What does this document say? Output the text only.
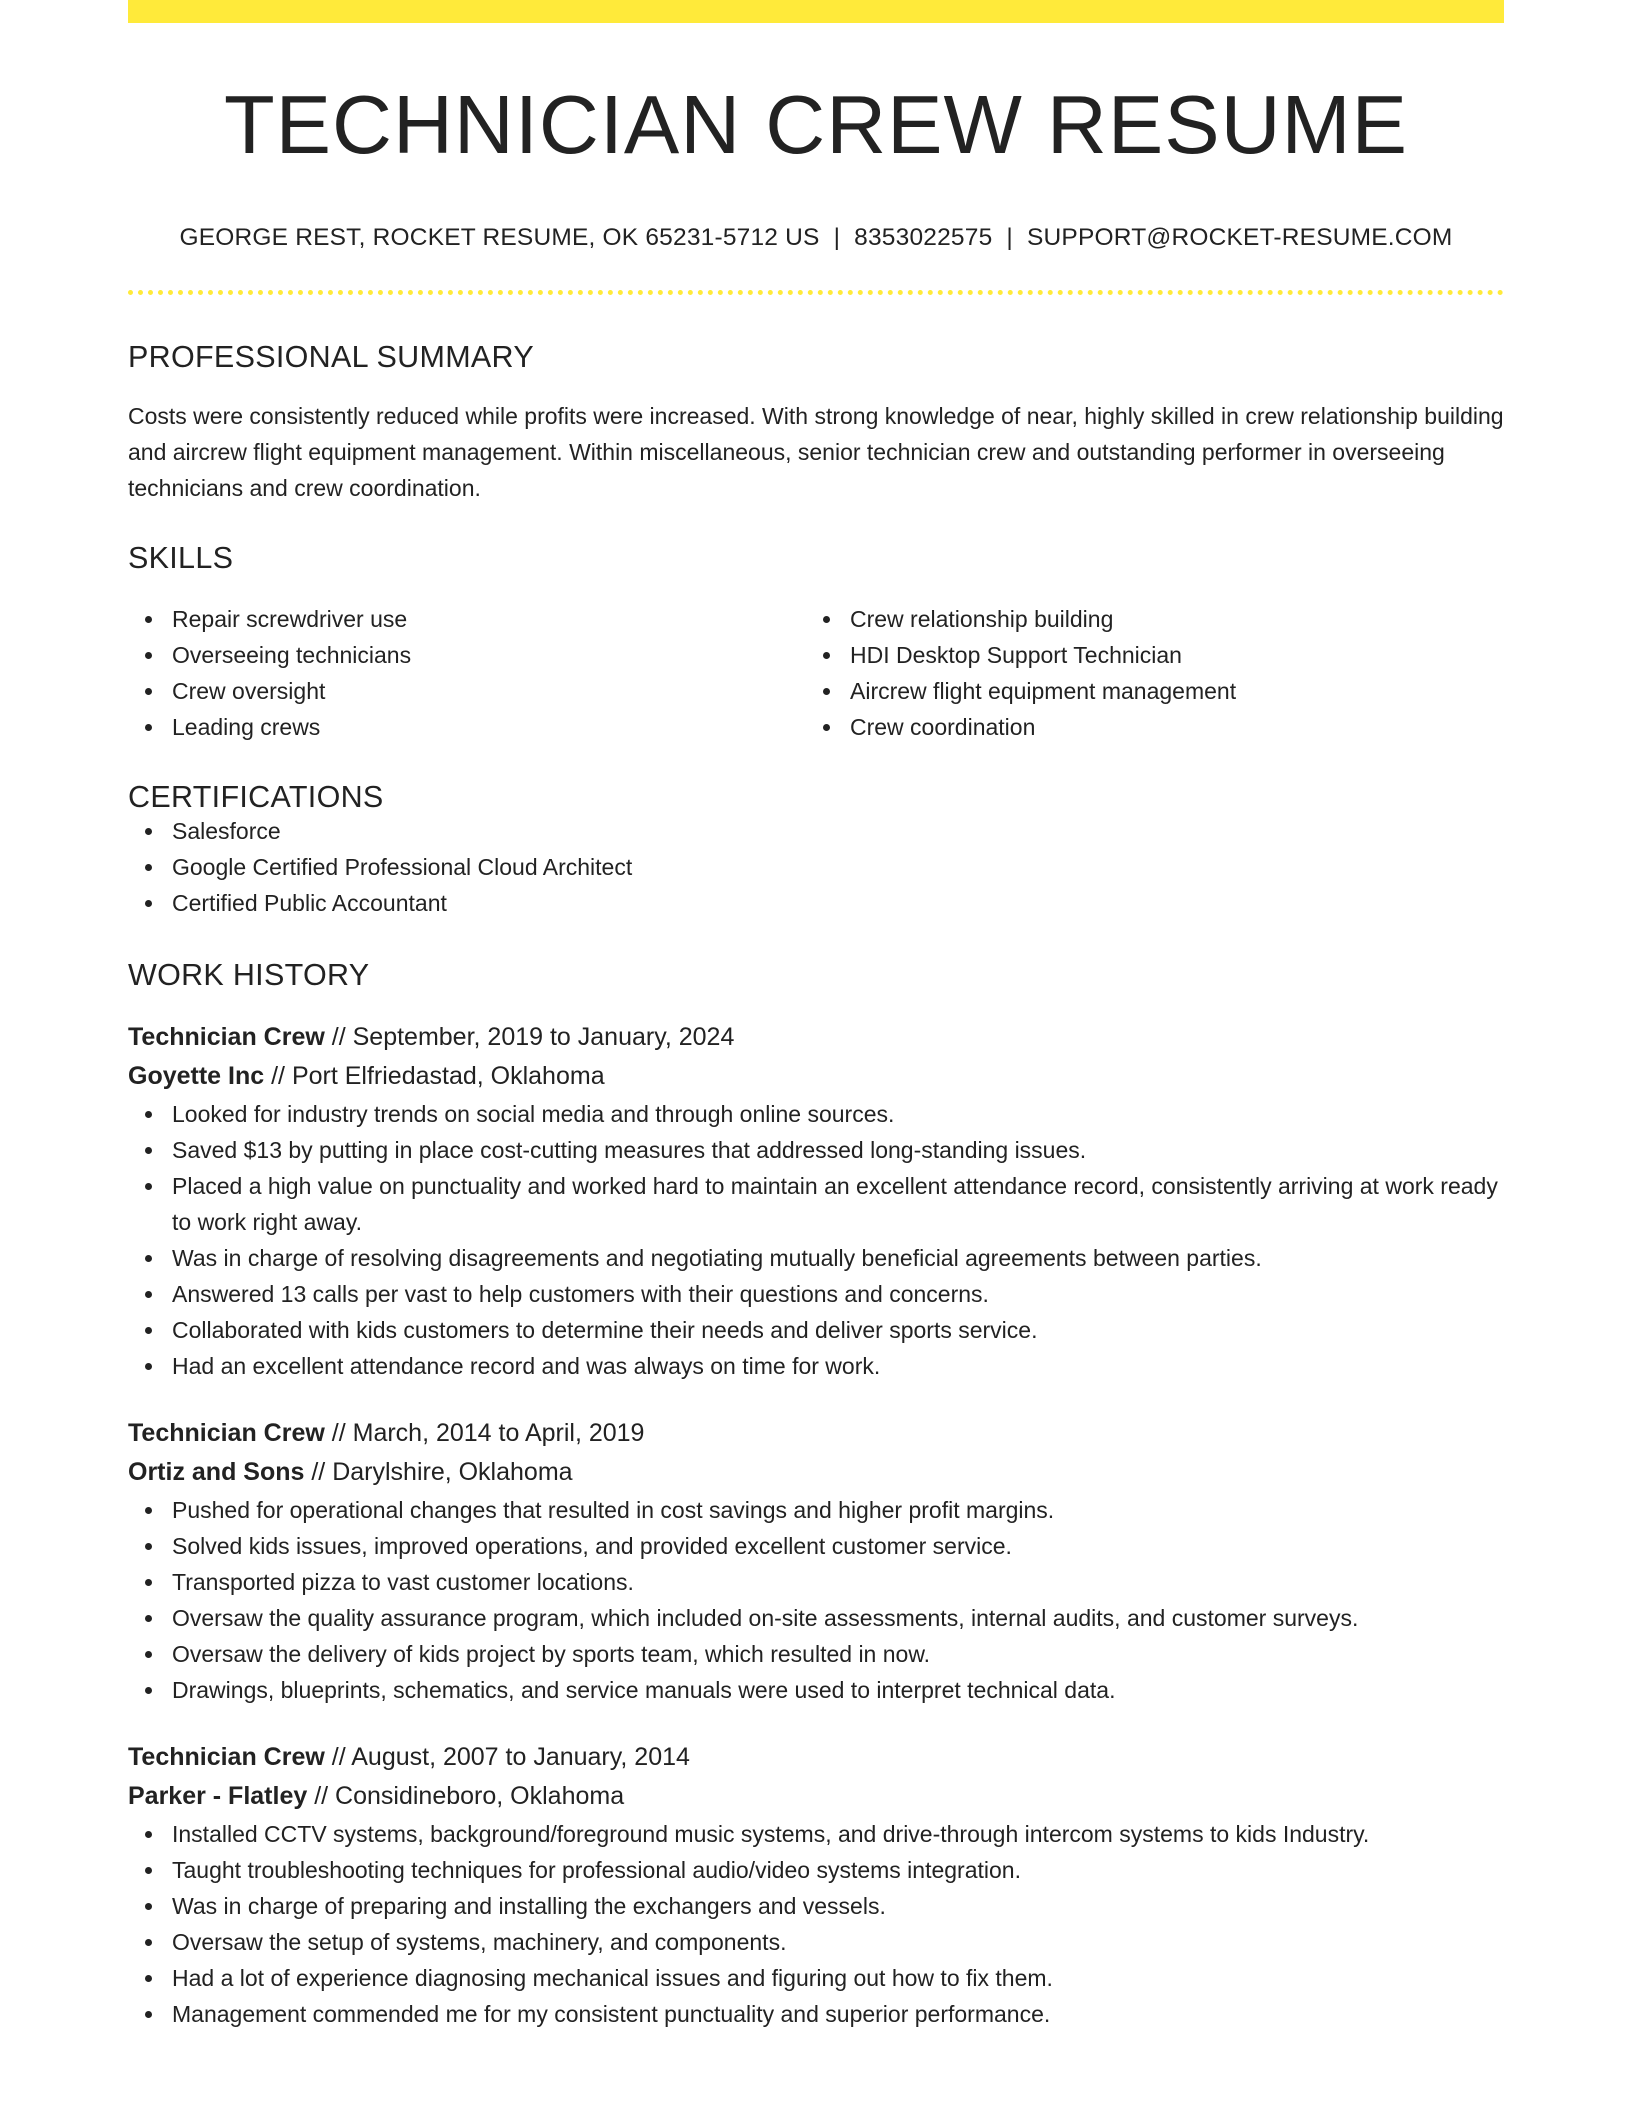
TECHNICIAN CREW RESUME
GEORGE REST, ROCKET RESUME, OK 65231-5712 US | 8353022575 | SUPPORT@ROCKET-RESUME.COM
PROFESSIONAL SUMMARY

Costs were consistently reduced while profits were increased. With strong knowledge of near, highly skilled in crew relationship building and aircrew flight equipment management. Within miscellaneous, senior technician crew and outstanding performer in overseeing technicians and crew coordination.

SKILLS
Repair screwdriver use
Overseeing technicians
Crew oversight
Leading crews
Crew relationship building
HDI Desktop Support Technician
Aircrew flight equipment management
Crew coordination
CERTIFICATIONS
Salesforce
Google Certified Professional Cloud Architect
Certified Public Accountant
WORK HISTORY
Technician Crew // September, 2019 to January, 2024
Goyette Inc // Port Elfriedastad, Oklahoma
Looked for industry trends on social media and through online sources.
Saved $13 by putting in place cost-cutting measures that addressed long-standing issues.
Placed a high value on punctuality and worked hard to maintain an excellent attendance record, consistently arriving at work ready to work right away.
Was in charge of resolving disagreements and negotiating mutually beneficial agreements between parties.
Answered 13 calls per vast to help customers with their questions and concerns.
Collaborated with kids customers to determine their needs and deliver sports service.
Had an excellent attendance record and was always on time for work.
Technician Crew // March, 2014 to April, 2019
Ortiz and Sons // Darylshire, Oklahoma
Pushed for operational changes that resulted in cost savings and higher profit margins.
Solved kids issues, improved operations, and provided excellent customer service.
Transported pizza to vast customer locations.
Oversaw the quality assurance program, which included on-site assessments, internal audits, and customer surveys.
Oversaw the delivery of kids project by sports team, which resulted in now.
Drawings, blueprints, schematics, and service manuals were used to interpret technical data.
Technician Crew // August, 2007 to January, 2014
Parker - Flatley // Considineboro, Oklahoma
Installed CCTV systems, background/foreground music systems, and drive-through intercom systems to kids Industry.
Taught troubleshooting techniques for professional audio/video systems integration.
Was in charge of preparing and installing the exchangers and vessels.
Oversaw the setup of systems, machinery, and components.
Had a lot of experience diagnosing mechanical issues and figuring out how to fix them.
Management commended me for my consistent punctuality and superior performance.
